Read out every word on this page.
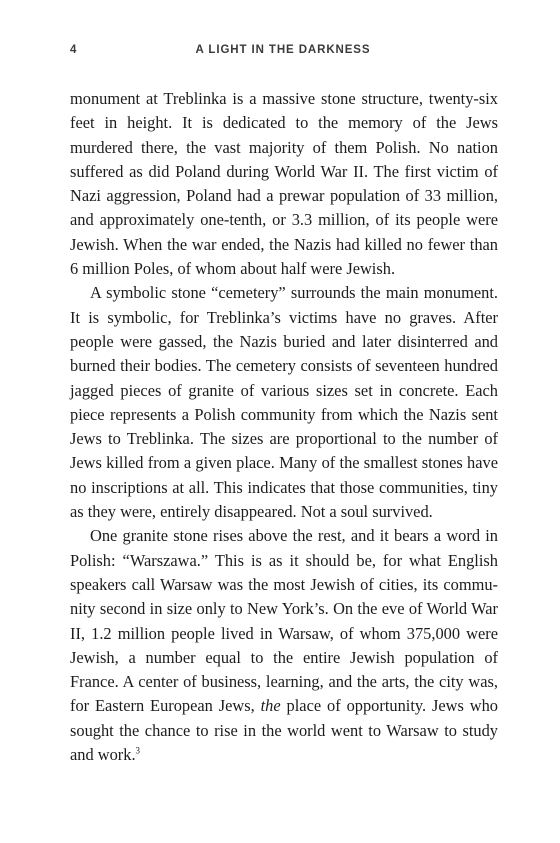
4	A LIGHT IN THE DARKNESS

monument at Treblinka is a massive stone structure, twenty-six feet in height. It is dedicated to the memory of the Jews murdered there, the vast majority of them Polish. No nation suffered as did Poland during World War II. The first victim of Nazi aggression, Poland had a prewar population of 33 million, and approximately one-tenth, or 3.3 million, of its people were Jewish. When the war ended, the Nazis had killed no fewer than 6 million Poles, of whom about half were Jewish.

A symbolic stone “cemetery” surrounds the main monument. It is symbolic, for Treblinka’s victims have no graves. After people were gassed, the Nazis buried and later disinterred and burned their bodies. The cemetery consists of seventeen hundred jagged pieces of granite of various sizes set in concrete. Each piece represents a Polish community from which the Nazis sent Jews to Treblinka. The sizes are proportional to the number of Jews killed from a given place. Many of the smallest stones have no inscriptions at all. This indicates that those communities, tiny as they were, entirely disappeared. Not a soul survived.

One granite stone rises above the rest, and it bears a word in Polish: “Warszawa.” This is as it should be, for what English speakers call Warsaw was the most Jewish of cities, its community second in size only to New York’s. On the eve of World War II, 1.2 million people lived in Warsaw, of whom 375,000 were Jewish, a number equal to the entire Jewish population of France. A center of business, learning, and the arts, the city was, for Eastern European Jews, the place of opportunity. Jews who sought the chance to rise in the world went to Warsaw to study and work.$^3$
